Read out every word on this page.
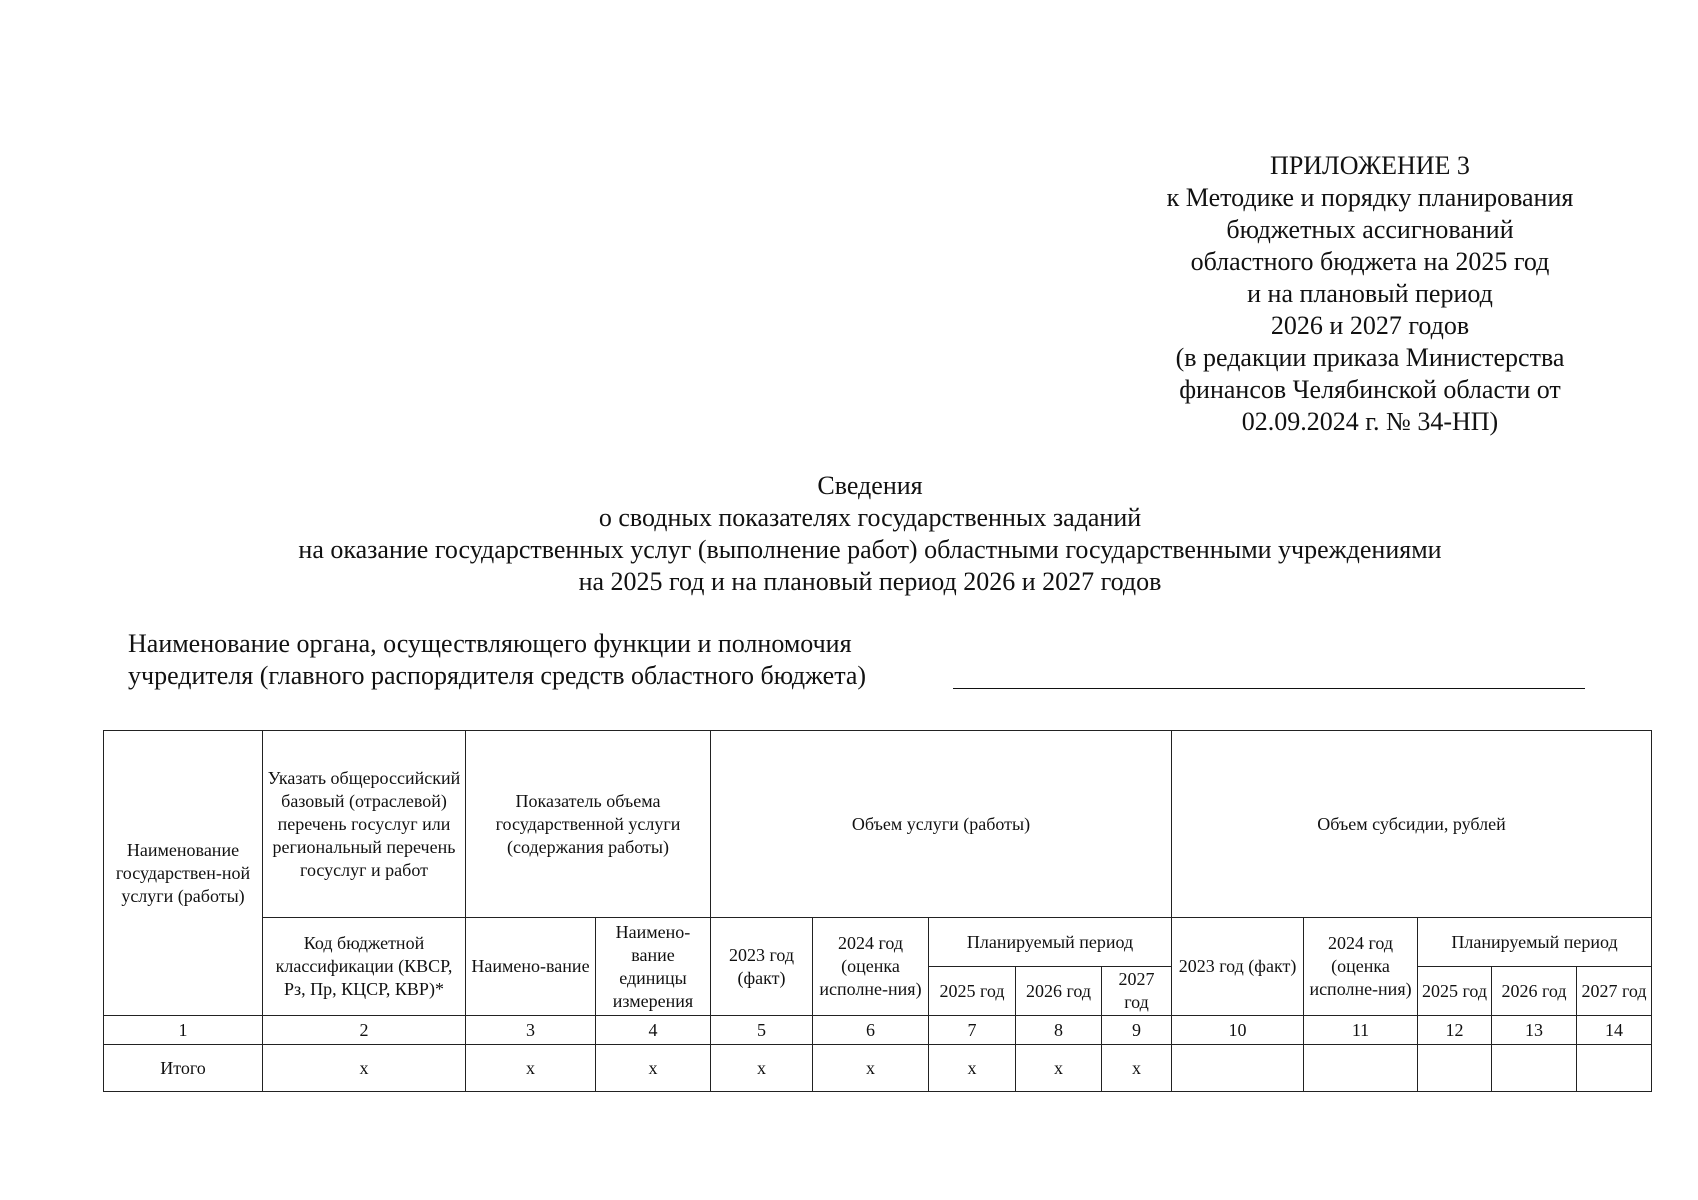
ПРИЛОЖЕНИЕ 3
к Методике и порядку планирования
бюджетных ассигнований
областного бюджета на 2025 год
и на плановый период
2026 и 2027 годов
(в редакции приказа Министерства
финансов Челябинской области от
02.09.2024 г. № 34-НП)
Сведения
о сводных показателях государственных заданий
на оказание государственных услуг (выполнение работ) областными государственными учреждениями
на 2025 год и на плановый период 2026 и 2027 годов
Наименование органа, осуществляющего функции и полномочия
учредителя (главного распорядителя средств областного бюджета)
Наименование государствен-ной услуги (работы)	Указать общероссийский базовый (отраслевой) перечень госуслуг или региональный перечень госуслуг и работ	Показатель объема государственной услуги (содержания работы)		Объем услуги (работы)					Объем субсидии, рублей				
	Код бюджетной классификации (КВСР, Рз, Пр, КЦСР, КВР)*	Наимено-вание	Наимено-вание единицы измерения	2023 год (факт)	2024 год (оценка исполне-ния)	Планируемый период			2023 год (факт)	2024 год (оценка исполне-ния)	Планируемый период		
						2025 год	2026 год	2027 год			2025 год	2026 год	2027 год
1	2	3	4	5	6	7	8	9	10	11	12	13	14
Итого	х	х	х	х	х	х	х	х					
